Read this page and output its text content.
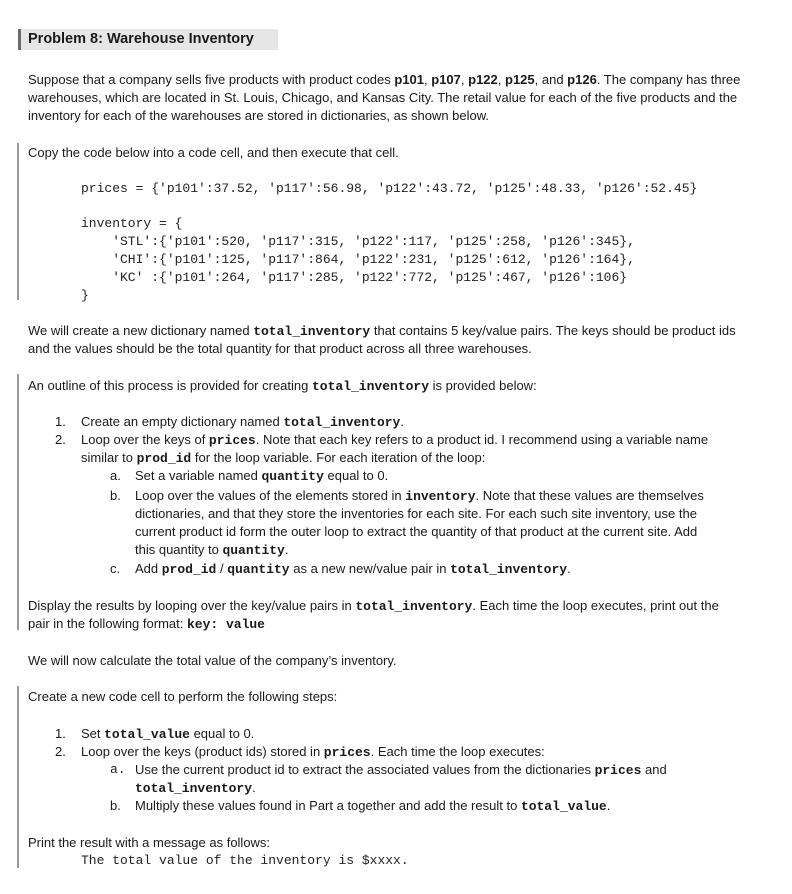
Problem 8: Warehouse Inventory
Suppose that a company sells five products with product codes p101, p107, p122, p125, and p126. The company has three
warehouses, which are located in St. Louis, Chicago, and Kansas City. The retail value for each of the five products and the
inventory for each of the warehouses are stored in dictionaries, as shown below.
Copy the code below into a code cell, and then execute that cell.
prices = {'p101':37.52, 'p117':56.98, 'p122':43.72, 'p125':48.33, 'p126':52.45}
inventory = {
'STL':{'p101':520, 'p117':315, 'p122':117, 'p125':258, 'p126':345},
'CHI':{'p101':125, 'p117':864, 'p122':231, 'p125':612, 'p126':164},
'KC' :{'p101':264, 'p117':285, 'p122':772, 'p125':467, 'p126':106}
}
We will create a new dictionary named total_inventory that contains 5 key/value pairs. The keys should be product ids
and the values should be the total quantity for that product across all three warehouses.
An outline of this process is provided for creating total_inventory is provided below:
1. Create an empty dictionary named total_inventory.
2. Loop over the keys of prices. Note that each key refers to a product id. I recommend using a variable name
similar to prod_id for the loop variable. For each iteration of the loop:
a. Set a variable named quantity equal to 0.
b. Loop over the values of the elements stored in inventory. Note that these values are themselves
dictionaries, and that they store the inventories for each site. For each such site inventory, use the
current product id form the outer loop to extract the quantity of that product at the current site. Add
this quantity to quantity.
c. Add prod_id / quantity as a new new/value pair in total_inventory.
Display the results by looping over the key/value pairs in total_inventory. Each time the loop executes, print out the
pair in the following format: key: value
We will now calculate the total value of the company’s inventory.
Create a new code cell to perform the following steps:
1. Set total_value equal to 0.
2. Loop over the keys (product ids) stored in prices. Each time the loop executes:
a. Use the current product id to extract the associated values from the dictionaries prices and
total_inventory.
b. Multiply these values found in Part a together and add the result to total_value.
Print the result with a message as follows:
The total value of the inventory is $xxxx.
